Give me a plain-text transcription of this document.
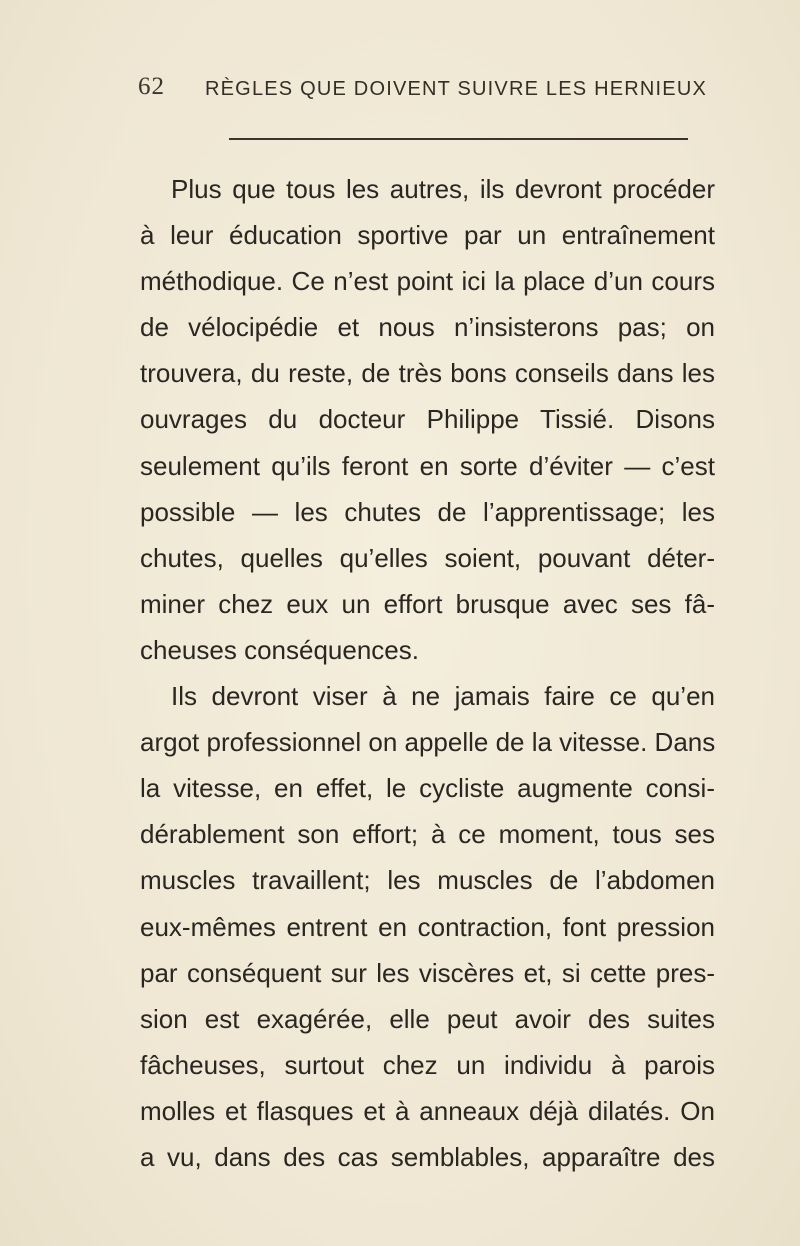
62 RÈGLES QUE DOIVENT SUIVRE LES HERNIEUX
Plus que tous les autres, ils devront procéder
à leur éducation sportive par un entraînement
méthodique. Ce n’est point ici la place d’un cours
de vélocipédie et nous n’insisterons pas; on
trouvera, du reste, de très bons conseils dans les
ouvrages du docteur Philippe Tissié. Disons
seulement qu’ils feront en sorte d’éviter — c’est
possible — les chutes de l’apprentissage; les
chutes, quelles qu’elles soient, pouvant déter-
miner chez eux un effort brusque avec ses fâ-
cheuses conséquences.
Ils devront viser à ne jamais faire ce qu’en
argot professionnel on appelle de la vitesse. Dans
la vitesse, en effet, le cycliste augmente consi-
dérablement son effort; à ce moment, tous ses
muscles travaillent; les muscles de l’abdomen
eux-mêmes entrent en contraction, font pression
par conséquent sur les viscères et, si cette pres-
sion est exagérée, elle peut avoir des suites
fâcheuses, surtout chez un individu à parois
molles et flasques et à anneaux déjà dilatés. On
a vu, dans des cas semblables, apparaître des
